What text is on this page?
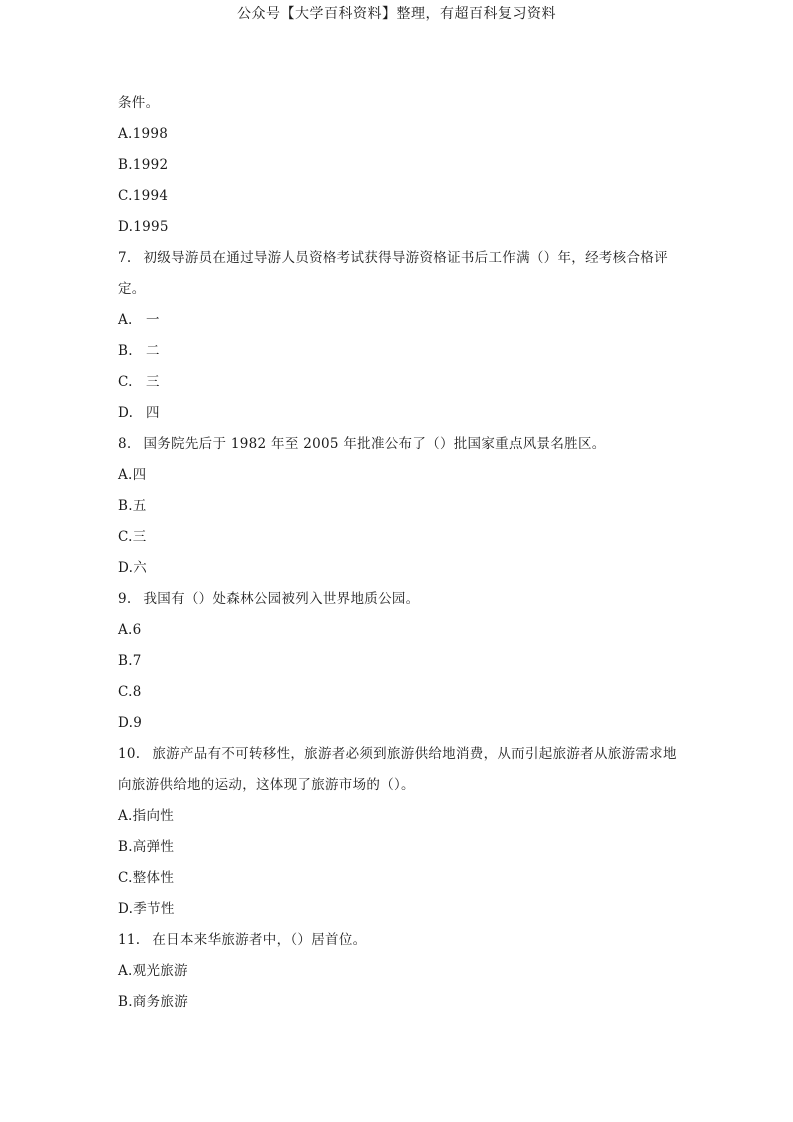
公众号【大学百科资料】整理，有超百科复习资料
条件。
A.1998
B.1992
C.1994
D.1995
7. 初级导游员在通过导游人员资格考试获得导游资格证书后工作满（）年，经考核合格评
定。
A. 一
B. 二
C. 三
D. 四
8. 国务院先后于 1982 年至 2005 年批准公布了（）批国家重点风景名胜区。
A.四
B.五
C.三
D.六
9. 我国有（）处森林公园被列入世界地质公园。
A.6
B.7
C.8
D.9
10. 旅游产品有不可转移性，旅游者必须到旅游供给地消费，从而引起旅游者从旅游需求地
向旅游供给地的运动，这体现了旅游市场的（）。
A.指向性
B.高弹性
C.整体性
D.季节性
11. 在日本来华旅游者中，（）居首位。
A.观光旅游
B.商务旅游
